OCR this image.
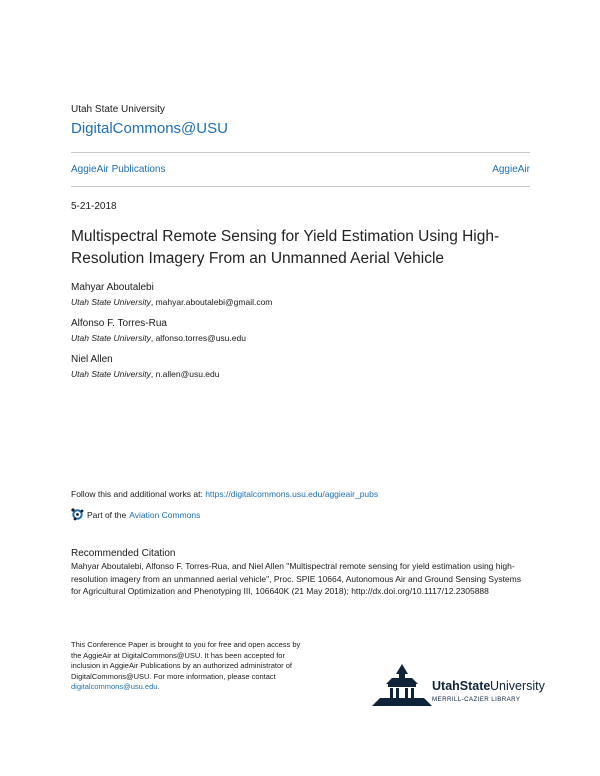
Utah State University
DigitalCommons@USU
AggieAir Publications	AggieAir
5-21-2018
Multispectral Remote Sensing for Yield Estimation Using High-Resolution Imagery From an Unmanned Aerial Vehicle
Mahyar Aboutalebi
Utah State University, mahyar.aboutalebi@gmail.com
Alfonso F. Torres-Rua
Utah State University, alfonso.torres@usu.edu
Niel Allen
Utah State University, n.allen@usu.edu
Follow this and additional works at: https://digitalcommons.usu.edu/aggieair_pubs
Part of the Aviation Commons
Recommended Citation
Mahyar Aboutalebi, Alfonso F. Torres-Rua, and Niel Allen "Multispectral remote sensing for yield estimation using high-resolution imagery from an unmanned aerial vehicle", Proc. SPIE 10664, Autonomous Air and Ground Sensing Systems for Agricultural Optimization and Phenotyping III, 106640K (21 May 2018); http://dx.doi.org/10.1117/12.2305888
This Conference Paper is brought to you for free and open access by the AggieAir at DigitalCommons@USU. It has been accepted for inclusion in AggieAir Publications by an authorized administrator of DigitalCommons@USU. For more information, please contact digitalcommons@usu.edu.	UtahState University
MERRILL-CAZIER LIBRARY
